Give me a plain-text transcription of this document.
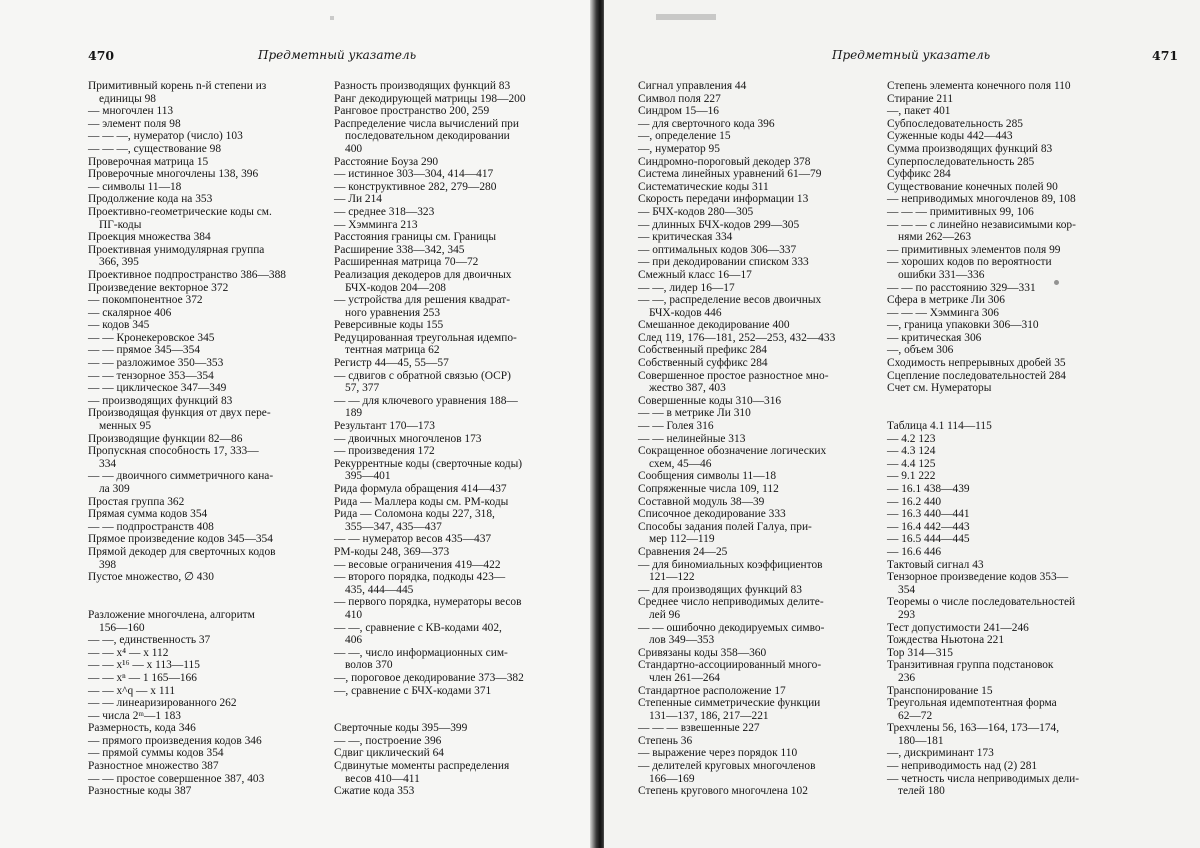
470	Предметный указатель
Примитивный корень n-й степени из
единицы 98
— многочлен 113
— элемент поля 98
— — —, нумератор (число) 103
— — —, существование 98
Проверочная матрица 15
Проверочные многочлены 138, 396
— символы 11—18
Продолжение кода на 353
Проективно-геометрические коды см.
ПГ-коды
Проекция множества 384
Проективная унимодулярная группа
366, 395
Проективное подпространство 386—388
Произведение векторное 372
— покомпонентное 372
— скалярное 406
— кодов 345
— — Кронекеровское 345
— — прямое 345—354
— — разложимое 350—353
— — тензорное 353—354
— — циклическое 347—349
— производящих функций 83
Производящая функция от двух пере-
менных 95
Производящие функции 82—86
Пропускная способность 17, 333—
334
— — двоичного симметричного кана-
ла 309
Простая группа 362
Прямая сумма кодов 354
— — подпространств 408
Прямое произведение кодов 345—354
Прямой декодер для сверточных кодов
398
Пустое множество, ∅ 430
Разложение многочлена, алгоритм
156—160
— —, единственность 37
— — x⁴ — x 112
— — x¹⁶ — x 113—115
— — xⁿ — 1 165—166
— — x^q — x 111
— — линеаризированного 262
— числа 2ᵐ—1 183
Размерность, кода 346
— прямого произведения кодов 346
— прямой суммы кодов 354
Разностное множество 387
— — простое совершенное 387, 403
Разностные коды 387
Разность производящих функций 83
Ранг декодирующей матрицы 198—200
Ранговое пространство 200, 259
Распределение числа вычислений при
последовательном декодировании
400
Расстояние Боуза 290
— истинное 303—304, 414—417
— конструктивное 282, 279—280
— Ли 214
— среднее 318—323
— Хэмминга 213
Расстояния границы см. Границы
Расширение 338—342, 345
Расширенная матрица 70—72
Реализация декодеров для двоичных
БЧХ-кодов 204—208
— устройства для решения квадрат-
ного уравнения 253
Реверсивные коды 155
Редуцированная треугольная идемпо-
тентная матрица 62
Регистр 44—45, 55—57
— сдвигов с обратной связью (ОСР)
57, 377
— — для ключевого уравнения 188—
189
Результант 170—173
— двоичных многочленов 173
— произведения 172
Рекуррентные коды (сверточные коды)
395—401
Рида формула обращения 414—437
Рида — Маллера коды см. РМ-коды
Рида — Соломона коды 227, 318,
355—347, 435—437
— — нумератор весов 435—437
РМ-коды 248, 369—373
— весовые ограничения 419—422
— второго порядка, подкоды 423—
435, 444—445
— первого порядка, нумераторы весов
410
— —, сравнение с КВ-кодами 402,
406
— —, число информационных сим-
волов 370
—, пороговое декодирование 373—382
—, сравнение с БЧХ-кодами 371
Сверточные коды 395—399
— —, построение 396
Сдвиг циклический 64
Сдвинутые моменты распределения
весов 410—411
Сжатие кода 353
Предметный указатель	471
Сигнал управления 44
Символ поля 227
Синдром 15—16
— для сверточного кода 396
—, определение 15
—, нумератор 95
Синдромно-пороговый декодер 378
Система линейных уравнений 61—79
Систематические коды 311
Скорость передачи информации 13
— БЧХ-кодов 280—305
— длинных БЧХ-кодов 299—305
— критическая 334
— оптимальных кодов 306—337
— при декодировании списком 333
Смежный класс 16—17
— —, лидер 16—17
— —, распределение весов двоичных
БЧХ-кодов 446
Смешанное декодирование 400
След 119, 176—181, 252—253, 432—433
Собственный префикс 284
Собственный суффикс 284
Совершенное простое разностное мно-
жество 387, 403
Совершенные коды 310—316
— — в метрике Ли 310
— — Голея 316
— — нелинейные 313
Сокращенное обозначение логических
схем, 45—46
Сообщения символы 11—18
Сопряженные числа 109, 112
Составной модуль 38—39
Списочное декодирование 333
Способы задания полей Галуа, при-
мер 112—119
Сравнения 24—25
— для биномиальных коэффициентов
121—122
— для производящих функций 83
Среднее число неприводимых делите-
лей 96
— — ошибочно декодируемых симво-
лов 349—353
Сривязаны коды 358—360
Стандартно-ассоциированный много-
член 261—264
Стандартное расположение 17
Степенные симметрические функции
131—137, 186, 217—221
— — — взвешенные 227
Степень 36
— выражение через порядок 110
— делителей круговых многочленов
166—169
Степень кругового многочлена 102
Степень элемента конечного поля 110
Стирание 211
—, пакет 401
Субпоследовательность 285
Суженные коды 442—443
Сумма производящих функций 83
Суперпоследовательность 285
Суффикс 284
Существование конечных полей 90
— неприводимых многочленов 89, 108
— — — примитивных 99, 106
— — — с линейно независимыми кор-
нями 262—263
— примитивных элементов поля 99
— хороших кодов по вероятности
ошибки 331—336
— — по расстоянию 329—331
Сфера в метрике Ли 306
— — — Хэмминга 306
—, граница упаковки 306—310
— критическая 306
—, объем 306
Сходимость непрерывных дробей 35
Сцепление последовательностей 284
Счет см. Нумераторы
Таблица 4.1 114—115
— 4.2 123
— 4.3 124
— 4.4 125
— 9.1 222
— 16.1 438—439
— 16.2 440
— 16.3 440—441
— 16.4 442—443
— 16.5 444—445
— 16.6 446
Тактовый сигнал 43
Тензорное произведение кодов 353—
354
Теоремы о числе последовательностей
293
Тест допустимости 241—246
Тождества Ньютона 221
Тор 314—315
Транзитивная группа подстановок
236
Транспонирование 15
Треугольная идемпотентная форма
62—72
Трехчлены 56, 163—164, 173—174,
180—181
—, дискриминант 173
— неприводимость над (2) 281
— четность числа неприводимых дели-
телей 180
